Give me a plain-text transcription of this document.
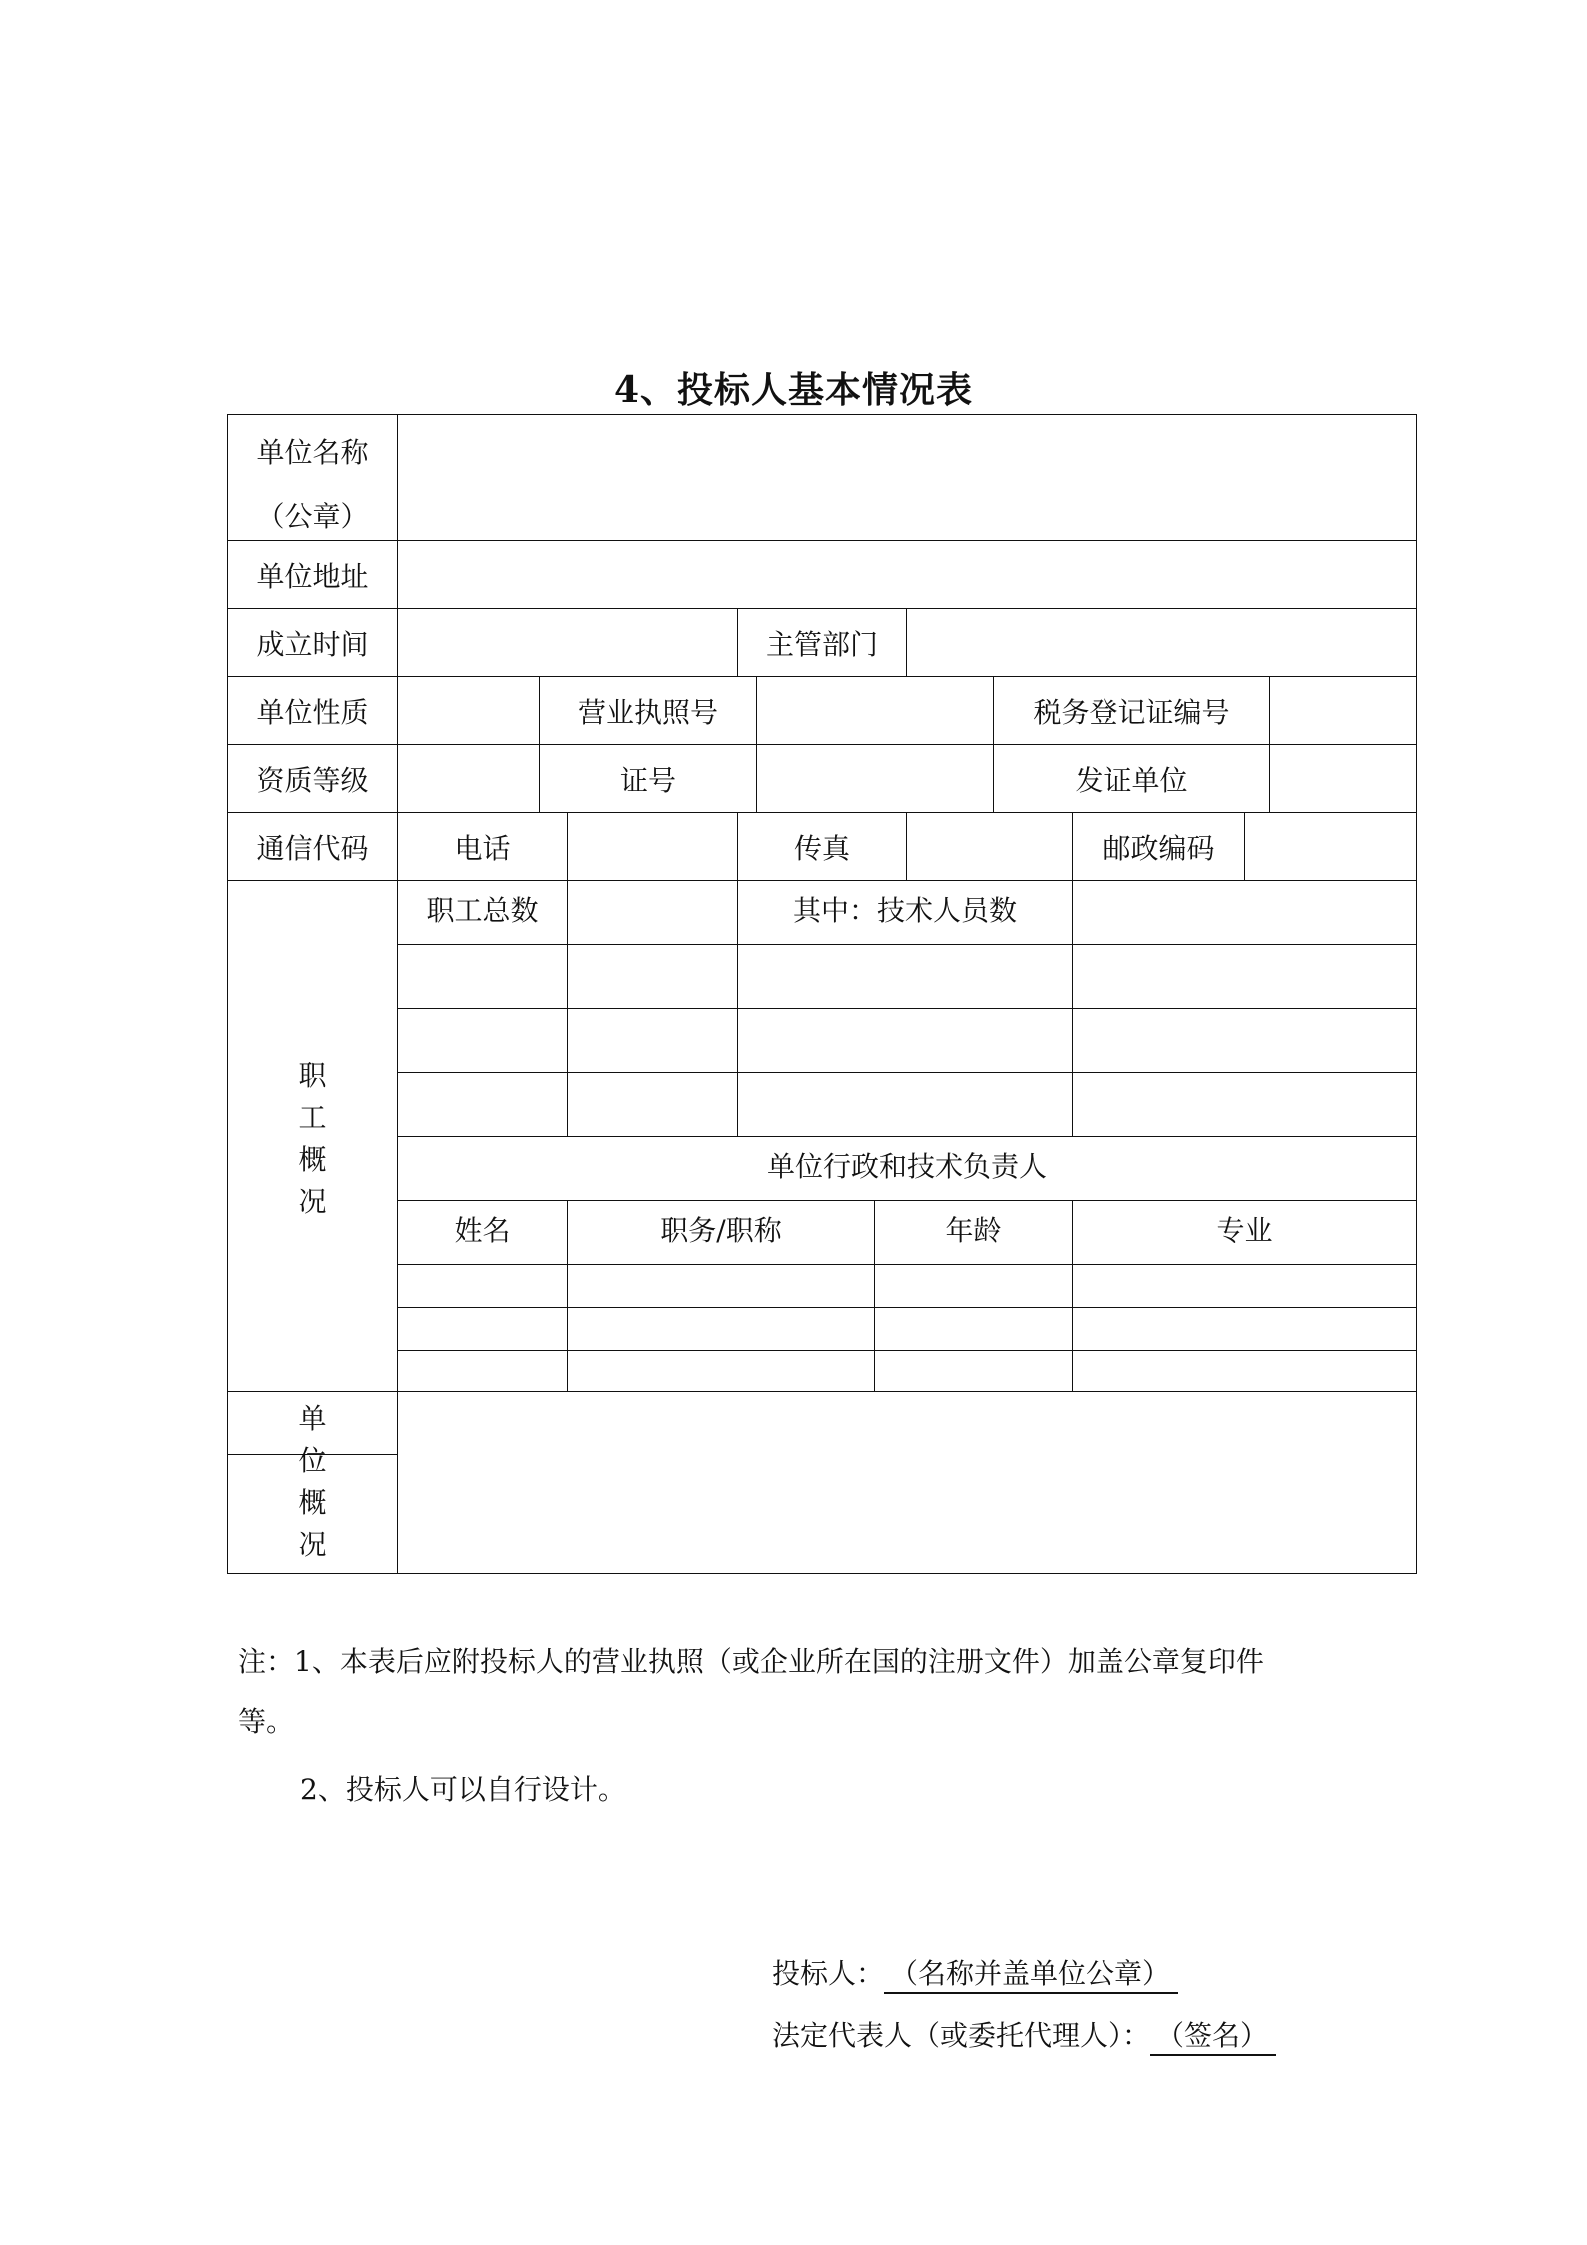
4、投标人基本情况表
单位名称
（公章）
单位地址
成立时间	主管部门
单位性质	营业执照号	税务登记证编号
资质等级	证号	发证单位
通信代码	电话	传真	邮政编码
职
工
概
况
职工总数	其中：技术人员数
单位行政和技术负责人
姓名	职务/职称	年龄	专业
单
位
概
况
注：1、本表后应附投标人的营业执照（或企业所在国的注册文件）加盖公章复印件
等。
2、投标人可以自行设计。
投标人： （名称并盖单位公章）
法定代表人（或委托代理人）： （签名）
